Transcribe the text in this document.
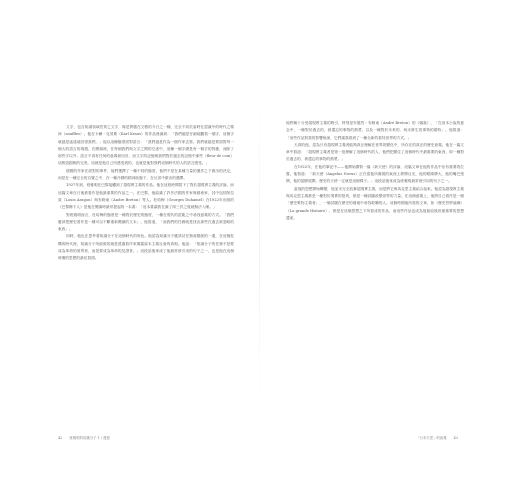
文字，包含知識領域性質之文字，像是貫徹在文藝的今日之一種，完全不同於當時在認識中的時代之精神（snuffles）。他在卡爾・克勞斯（Karl Kraus）的作品裡讀到：「我們越是仔細地觀看一個字，這個字就越是遙遠地回望我們。」他以這種態度面對語言：「我們越是作為一個作家去寫，我們就越是要面對每一個大的語言的境遇，在閱讀裡，在每個我們與文字之間的空虛中，這種一個字總是有一個字的對應，而除了那些字以外，語言不再有任何的意義和回音，而文字的記憶與我們對於過去的記憶中那些（fleur de coin）這般毀損般的完美。這就是他自己所感受到的，也就是他對我們這個時代的人的語言感受。」

德國的作家在面對的事件，他們選擇了一種不同的態度，他們不是在某種力量的運作之下做出的決定，而是在一種完全的自覺之中，在一種冷靜的精神狀態下，在反省中做出的選擇。

1927年到，班雅明在巴黎接觸到了超現實主義的作品。他在這段時間寫下了對於超現實主義的評論，而這篇文章在日後被看作是他最重要的作品之一。在巴黎，他結識了許多法國的作家與藝術家，其中包括阿拉貢（Louis Aragon）與布勒東（Andre Breton）等人。杜哈梅（Georges Duhamel）在1922年出版的《巴黎鄉下人》是他在閱讀時最常提起的一本書：「這本書讓我在讀了兩三頁之後就無法入睡。」

對班雅明而言，杜哈梅的態度是一種對於歷史的態度，一種在現代的混亂之中尋找意義的方式。「我們應該把歷史看作是一種可以不斷重新閱讀的文本」，他寫道，「而我們的任務就是找出那些在過去被忽略的東西」。

同時，他也在思考著知識分子在這個時代的角色。他認為知識分子應該站在無產階級的一邊，在這個危機的時代裡，知識分子所能做的就是透過寫作來揭露資本主義社會的真相。他說：「知識分子的任務不是要成為革命的領導者，而是要成為革命的見證者。」這段話後來成了他最常被引用的句子之一，也是他在這個時期的思想的最佳寫照。

42 班雅明的知識分子 1 / 漫遊

他們稱十分受超現實主義的吸引，特別是安德烈・布勒東（André Breton）的《娜嘉》，「在這本小說的意念中，一種對於過去的、被遺忘的事物的熱愛，以及一種對於未來的、尚未發生的事物的期待」。他寫道：「這些作品對我的影響極深，它們讓我看到了一種全新的看待世界的方式。」

天真的他，認為只有超現實主義者能夠真正理解在世界的變化中，所存在的真正的歷史意義。他在一篇文章中寫道：「超現實主義者是第一批理解了這個時代的人，他們把握住了這個時代中最重要的東西，即一種對於過去的、被遺忘的事物的熱愛。」

在1922年，在他的筆記中——他開始撰寫一篇《新天使》的評論，這篇文章在他的作品中佔有重要的位置。他寫道：「新天使（Angelus Novus）正在從他所凝視的東西上移開目光，他的眼睛睜大，他的嘴巴張開，他的翅膀展開。歷史的天使一定就是這個樣子。」這段話後來成為班雅明最常被引用的句子之一。

當他的思想開始轉變，他並未完全放棄超現實主義，而是將它與馬克思主義結合起來。他認為超現實主義與馬克思主義都是一種對於現實的批判，都是一種試圖改變世界的力量。在這個意義上，他將自己看作是一個「歷史唯物主義者」，一個試圖在歷史的廢墟中尋找救贖的人。這個時期他所寫的文章，如《歷史哲學論綱》（La grande Histoire），都是在這個思想之下所寫成的作品，而這些作品也成為他留給後世最重要的思想遺產。

「日本天堂」的意義 43
